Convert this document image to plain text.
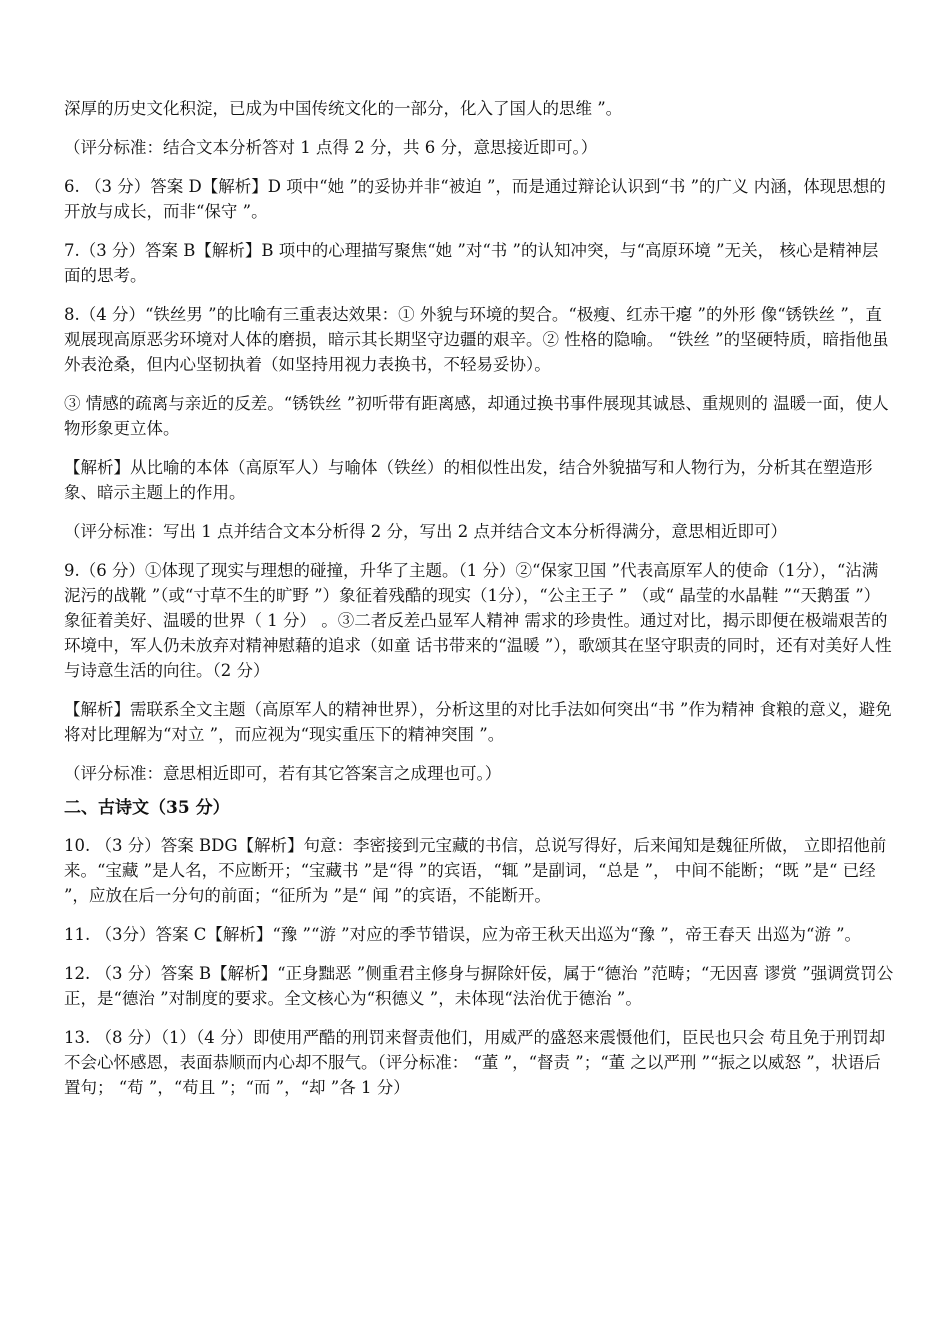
深厚的历史文化积淀，已成为中国传统文化的一部分，化入了国人的思维 ”。

（评分标准：结合文本分析答对 1 点得 2 分，共 6 分，意思接近即可。）

6. （3 分）答案 D【解析】D 项中“她 ”的妥协并非“被迫 ”，而是通过辩论认识到“书 ”的广义 内涵，体现思想的开放与成长，而非“保守 ”。

7.（3 分）答案 B【解析】B 项中的心理描写聚焦“她 ”对“书 ”的认知冲突，与“高原环境 ”无关， 核心是精神层面的思考。

8.（4 分）“铁丝男 ”的比喻有三重表达效果：① 外貌与环境的契合。“极瘦、红赤干瘪 ”的外形 像“锈铁丝 ”，直观展现高原恶劣环境对人体的磨损，暗示其长期坚守边疆的艰辛。② 性格的隐喻。 “铁丝 ”的坚硬特质，暗指他虽外表沧桑，但内心坚韧执着（如坚持用视力表换书，不轻易妥协）。

③ 情感的疏离与亲近的反差。“锈铁丝 ”初听带有距离感，却通过换书事件展现其诚恳、重规则的 温暖一面，使人物形象更立体。

【解析】从比喻的本体（高原军人）与喻体（铁丝）的相似性出发，结合外貌描写和人物行为，分析其在塑造形象、暗示主题上的作用。

（评分标准：写出 1 点并结合文本分析得 2 分，写出 2 点并结合文本分析得满分，意思相近即可）

9.（6 分）①体现了现实与理想的碰撞，升华了主题。（1 分）②“保家卫国 ”代表高原军人的使命（1分），“沾满泥污的战靴 ”（或“寸草不生的旷野 ”）象征着残酷的现实（1分），“公主王子 ” （或“ 晶莹的水晶鞋 ”“天鹅蛋 ”）象征着美好、温暖的世界（ 1 分） 。③二者反差凸显军人精神 需求的珍贵性。通过对比，揭示即便在极端艰苦的环境中，军人仍未放弃对精神慰藉的追求（如童 话书带来的“温暖 ”），歌颂其在坚守职责的同时，还有对美好人性与诗意生活的向往。（2 分）

【解析】需联系全文主题（高原军人的精神世界），分析这里的对比手法如何突出“书 ”作为精神 食粮的意义，避免将对比理解为“对立 ”，而应视为“现实重压下的精神突围 ”。

（评分标准：意思相近即可，若有其它答案言之成理也可。）

二、古诗文（35 分）

10. （3 分）答案 BDG【解析】句意：李密接到元宝藏的书信，总说写得好，后来闻知是魏征所做， 立即招他前来。“宝藏 ”是人名，不应断开；“宝藏书 ”是“得 ”的宾语，“辄 ”是副词，“总是 ”， 中间不能断；“既 ”是“ 已经 ”，应放在后一分句的前面；“征所为 ”是“ 闻 ”的宾语，不能断开。

11. （3分）答案 C【解析】“豫 ”“游 ”对应的季节错误，应为帝王秋天出巡为“豫 ”，帝王春天 出巡为“游 ”。

12. （3 分）答案 B【解析】“正身黜恶 ”侧重君主修身与摒除奸佞，属于“德治 ”范畴；“无因喜 谬赏 ”强调赏罚公正，是“德治 ”对制度的要求。全文核心为“积德义 ”，未体现“法治优于德治 ”。

13. （8 分）（1）（4 分）即使用严酷的刑罚来督责他们，用威严的盛怒来震慑他们，臣民也只会 苟且免于刑罚却不会心怀感恩，表面恭顺而内心却不服气。（评分标准： “董 ”，“督责 ”；“董 之以严刑 ”“振之以威怒 ”，状语后置句； “苟 ”，“苟且 ”；“而 ”，“却 ”各 1 分）
